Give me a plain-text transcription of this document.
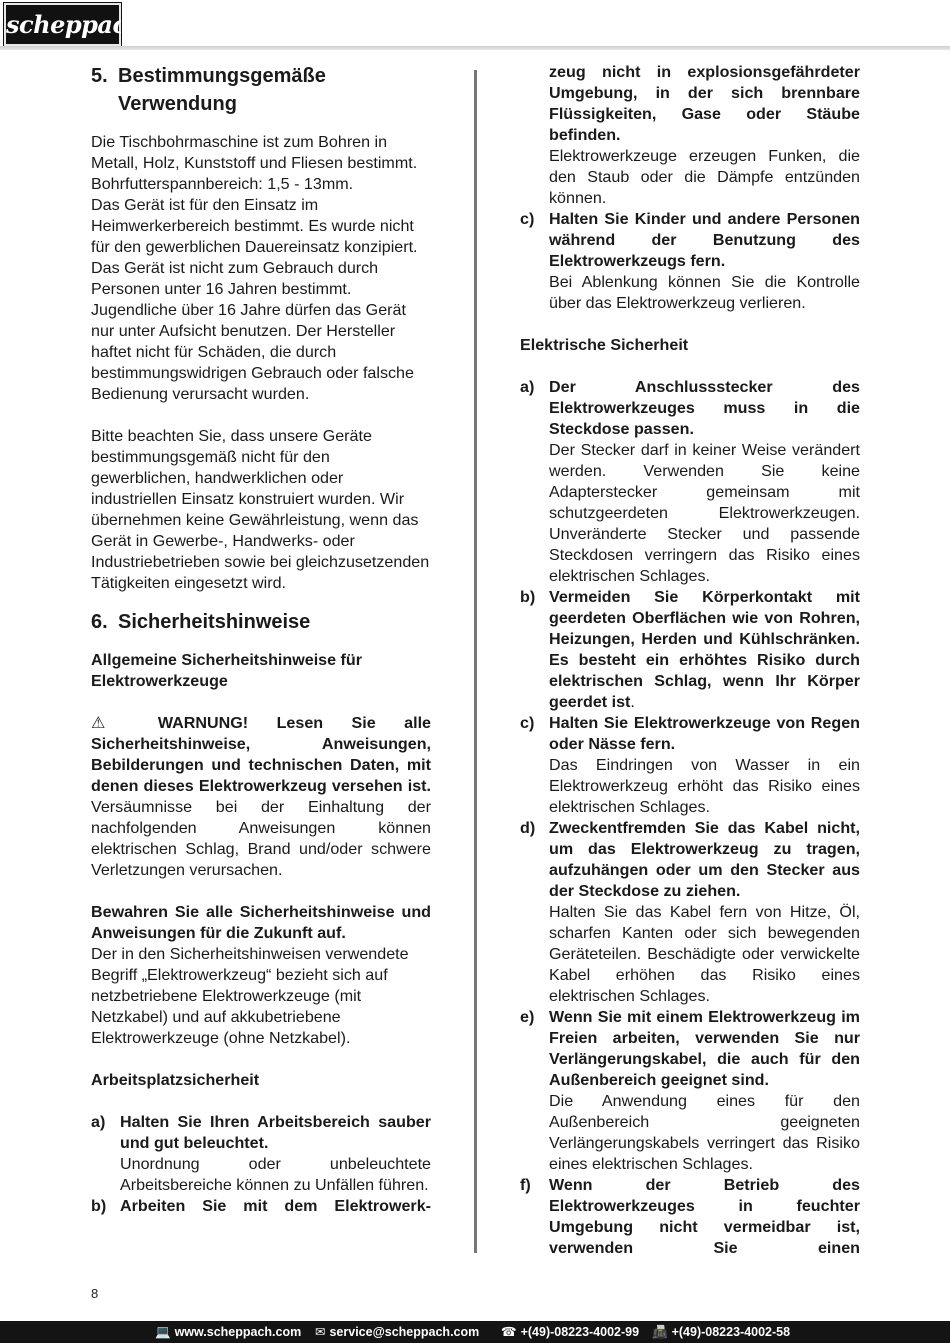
scheppach
5. Bestimmungsgemäße Verwendung

Die Tischbohrmaschine ist zum Bohren in Metall, Holz, Kunststoff und Fliesen bestimmt.

Bohrfutterspannbereich: 1,5 - 13mm.

Das Gerät ist für den Einsatz im Heimwerkerbereich bestimmt. Es wurde nicht für den gewerblichen Dauereinsatz konzipiert. Das Gerät ist nicht zum Gebrauch durch Personen unter 16 Jahren bestimmt. Jugendliche über 16 Jahre dürfen das Gerät nur unter Aufsicht benutzen. Der Hersteller haftet nicht für Schäden, die durch bestimmungswidrigen Gebrauch oder falsche Bedienung verursacht wurden.

Bitte beachten Sie, dass unsere Geräte bestimmungsgemäß nicht für den gewerblichen, handwerklichen oder industriellen Einsatz konstruiert wurden. Wir übernehmen keine Gewährleistung, wenn das Gerät in Gewerbe-, Handwerks- oder Industriebetrieben sowie bei gleichzusetzenden Tätigkeiten eingesetzt wird.

6. Sicherheitshinweise

Allgemeine Sicherheitshinweise für Elektrowerkzeuge

⚠ WARNUNG! Lesen Sie alle Sicherheitshinweise, Anweisungen, Bebilderungen und technischen Daten, mit denen dieses Elektrowerkzeug versehen ist. Versäumnisse bei der Einhaltung der nachfolgenden Anweisungen können elektrischen Schlag, Brand und/oder schwere Verletzungen verursachen.

Bewahren Sie alle Sicherheitshinweise und Anweisungen für die Zukunft auf.

Der in den Sicherheitshinweisen verwendete Begriff „Elektrowerkzeug“ bezieht sich auf netzbetriebene Elektrowerkzeuge (mit Netzkabel) und auf akkubetriebene Elektrowerkzeuge (ohne Netzkabel).

Arbeitsplatzsicherheit

a) Halten Sie Ihren Arbeitsbereich sauber und gut beleuchtet.
Unordnung oder unbeleuchtete Arbeitsbereiche können zu Unfällen führen.
b) Arbeiten Sie mit dem Elektrowerk-
zeug nicht in explosionsgefährdeter Umgebung, in der sich brennbare Flüssigkeiten, Gase oder Stäube befinden.
Elektrowerkzeuge erzeugen Funken, die den Staub oder die Dämpfe entzünden können.
c) Halten Sie Kinder und andere Personen während der Benutzung des Elektrowerkzeugs fern.
Bei Ablenkung können Sie die Kontrolle über das Elektrowerkzeug verlieren.

Elektrische Sicherheit

a) Der Anschlussstecker des Elektrowerkzeuges muss in die Steckdose passen.
Der Stecker darf in keiner Weise verändert werden. Verwenden Sie keine Adapterstecker gemeinsam mit schutzgeerdeten Elektrowerkzeugen. Unveränderte Stecker und passende Steckdosen verringern das Risiko eines elektrischen Schlages.
b) Vermeiden Sie Körperkontakt mit geerdeten Oberflächen wie von Rohren, Heizungen, Herden und Kühlschränken. Es besteht ein erhöhtes Risiko durch elektrischen Schlag, wenn Ihr Körper geerdet ist.
c) Halten Sie Elektrowerkzeuge von Regen oder Nässe fern.
Das Eindringen von Wasser in ein Elektrowerkzeug erhöht das Risiko eines elektrischen Schlages.
d) Zweckentfremden Sie das Kabel nicht, um das Elektrowerkzeug zu tragen, aufzuhängen oder um den Stecker aus der Steckdose zu ziehen.
Halten Sie das Kabel fern von Hitze, Öl, scharfen Kanten oder sich bewegenden Geräteteilen. Beschädigte oder verwickelte Kabel erhöhen das Risiko eines elektrischen Schlages.
e) Wenn Sie mit einem Elektrowerkzeug im Freien arbeiten, verwenden Sie nur Verlängerungskabel, die auch für den Außenbereich geeignet sind.
Die Anwendung eines für den Außenbereich geeigneten Verlängerungskabels verringert das Risiko eines elektrischen Schlages.
f)	Wenn der Betrieb des Elektrowerkzeuges in feuchter Umgebung nicht vermeidbar ist, verwenden Sie einen
8
💻 www.scheppach.com ✉ service@scheppach.com ☎ +(49)-08223-4002-99 📠 +(49)-08223-4002-58
